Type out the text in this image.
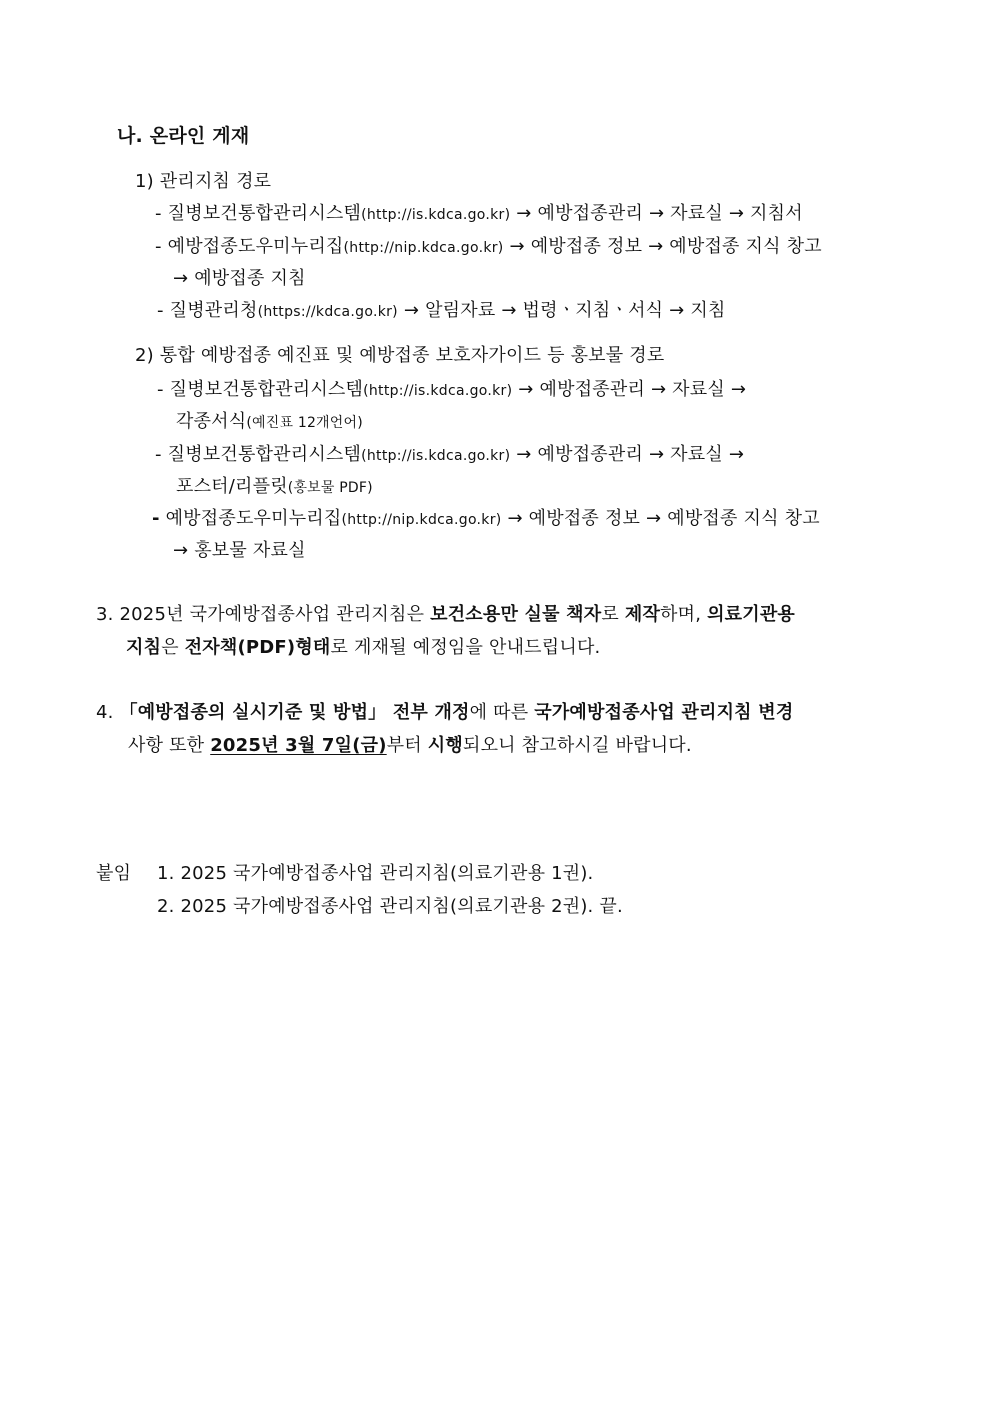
나. 온라인 게재
1) 관리지침 경로
- 질병보건통합관리시스템(http://is.kdca.go.kr) → 예방접종관리 → 자료실 → 지침서
- 예방접종도우미누리집(http://nip.kdca.go.kr) → 예방접종 정보 → 예방접종 지식 창고
→ 예방접종 지침
- 질병관리청(https://kdca.go.kr) → 알림자료 → 법령ㆍ지침ㆍ서식 → 지침
2) 통합 예방접종 예진표 및 예방접종 보호자가이드 등 홍보물 경로
- 질병보건통합관리시스템(http://is.kdca.go.kr) → 예방접종관리 → 자료실 →
각종서식(예진표 12개언어)
- 질병보건통합관리시스템(http://is.kdca.go.kr) → 예방접종관리 → 자료실 →
포스터/리플릿(홍보물 PDF)
- 예방접종도우미누리집(http://nip.kdca.go.kr) → 예방접종 정보 → 예방접종 지식 창고
→ 홍보물 자료실
3. 2025년 국가예방접종사업 관리지침은 보건소용만 실물 책자로 제작하며, 의료기관용
지침은 전자책(PDF)형태로 게재될 예정임을 안내드립니다.
4. 「예방접종의 실시기준 및 방법」 전부 개정에 따른 국가예방접종사업 관리지침 변경
사항 또한 2025년 3월 7일(금)부터 시행되오니 참고하시길 바랍니다.
붙임 1. 2025 국가예방접종사업 관리지침(의료기관용 1권).
2. 2025 국가예방접종사업 관리지침(의료기관용 2권). 끝.
